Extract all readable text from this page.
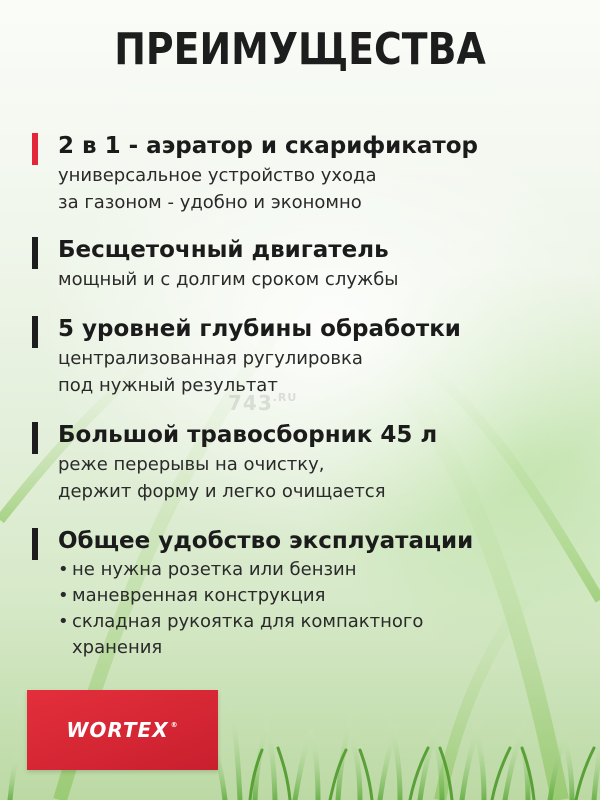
ПРЕИМУЩЕСТВА
2 в 1 - аэратор и скарификатор
универсальное устройство ухода
за газоном - удобно и экономно
Бесщеточный двигатель
мощный и с долгим сроком службы
5 уровней глубины обработки
централизованная ругулировка
под нужный результат
Большой травосборник 45 л
реже перерывы на очистку,
держит форму и легко очищается
Общее удобство эксплуатации
• не нужна розетка или бензин
• маневренная конструкция
• складная рукоятка для компактного
хранения
$743^{.RU}$
WORTEX ®
